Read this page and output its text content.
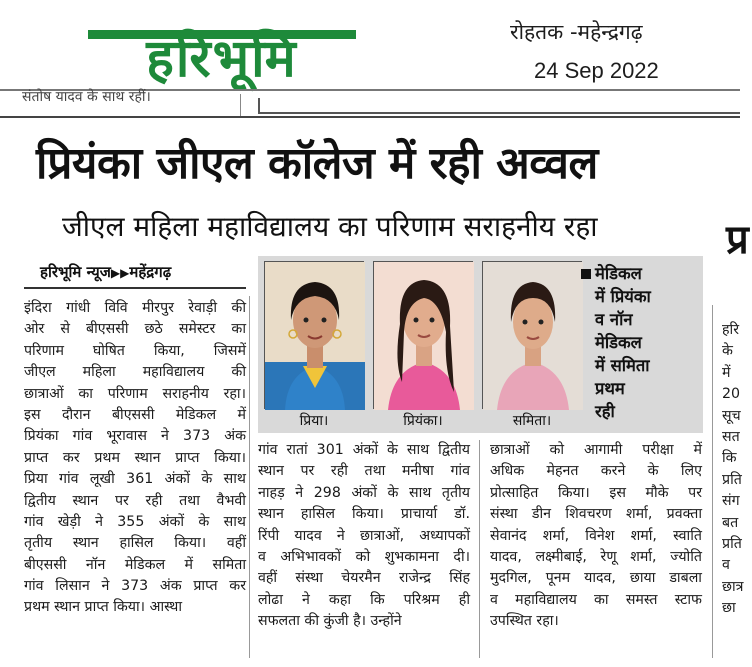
हरिभूमि	रोहतक -महेन्द्रगढ़
24 Sep 2022
संतोष यादव के साथ रहीं।
प्रियंका जीएल कॉलेज में रही अव्वल
जीएल महिला महाविद्यालय का परिणाम सराहनीय रहा	प्र
हरिभूमि न्यूज▶▶महेंद्रगढ़
इंदिरा गांधी विवि मीरपुर रेवाड़ी की
ओर से बीएससी छठे समेस्टर का
परिणाम घोषित किया, जिसमें
जीएल महिला महाविद्यालय की
छात्राओं का परिणाम सराहनीय रहा।
इस दौरान बीएससी मेडिकल में
प्रियंका गांव भूरावास ने 373 अंक
प्राप्त कर प्रथम स्थान प्राप्त किया।
प्रिया गांव लूखी 361 अंकों के साथ
द्वितीय स्थान पर रही तथा वैभवी
गांव खेड़ी ने 355 अंकों के साथ
तृतीय स्थान हासिल किया। वहीं
बीएससी नॉन मेडिकल में समिता
गांव लिसान ने 373 अंक प्राप्त कर
प्रथम स्थान प्राप्त किया। आस्था
गांव रातां 301 अंकों के साथ द्वितीय
स्थान पर रही तथा मनीषा गांव
नाहड़ ने 298 अंकों के साथ तृतीय
स्थान हासिल किया। प्राचार्या डॉ.
रिंपी यादव ने छात्राओं, अध्यापकों
व अभिभावकों को शुभकामना दी।
वहीं संस्था चेयरमैन राजेन्द्र सिंह
लोढा ने कहा कि परिश्रम ही
सफलता की कुंजी है। उन्होंने
छात्राओं को आगामी परीक्षा में
अधिक मेहनत करने के लिए
प्रोत्साहित किया। इस मौके पर
संस्था डीन शिवचरण शर्मा, प्रवक्ता
सेवानंद शर्मा, विनेश शर्मा, स्वाति
यादव, लक्ष्मीबाई, रेणू शर्मा, ज्योति
मुदगिल, पूनम यादव, छाया डाबला
व महाविद्यालय का समस्त स्टाफ
उपस्थित रहा।
हरि
के
में
20
सूच
सत
कि
प्रति
संग
बत
प्रति
व
छात्र
छा
प्रिया।	प्रियंका।	समिता।
मेडिकल
में प्रियंका
व नॉन
मेडिकल
में समिता
प्रथम
रही
